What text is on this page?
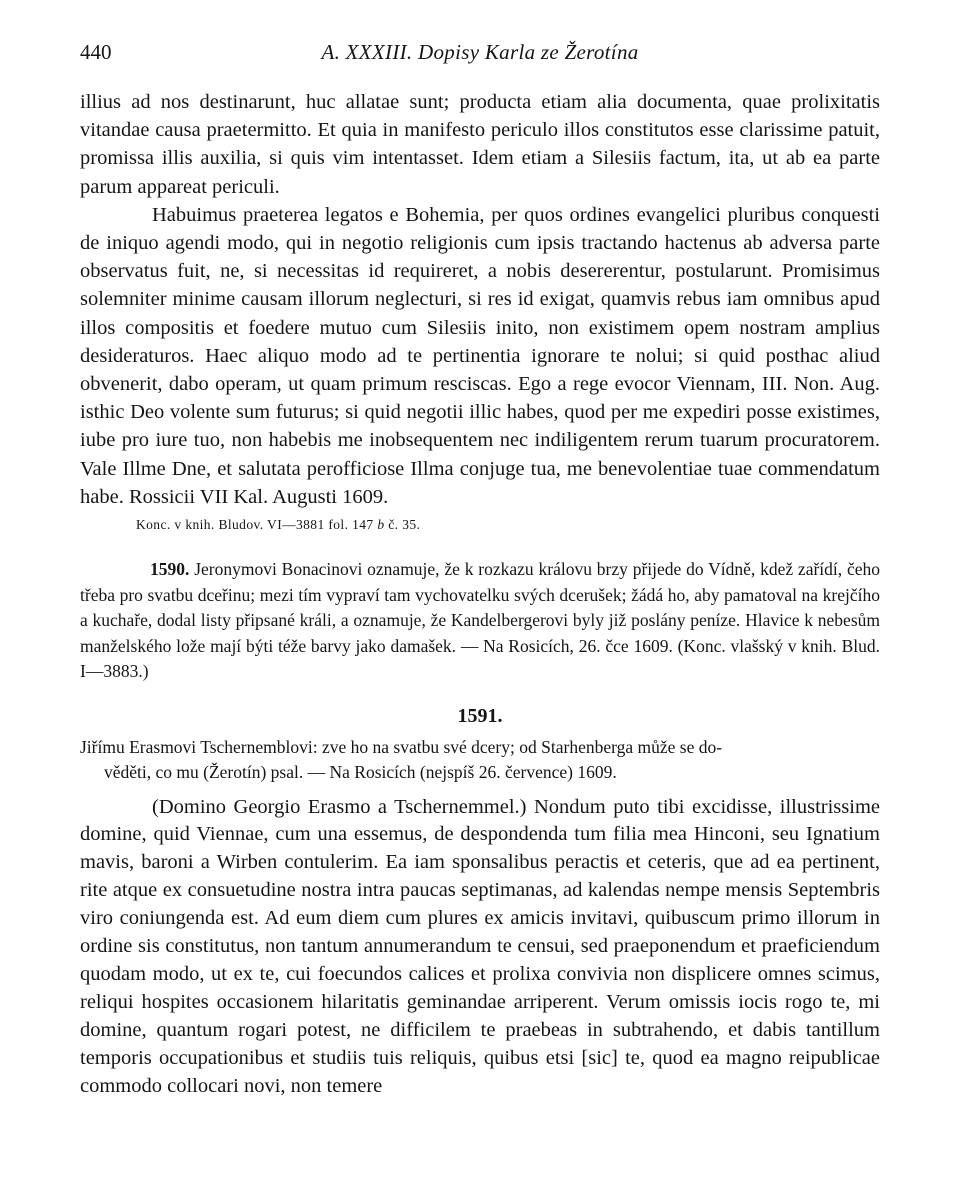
440	A. XXXIII. Dopisy Karla ze Žerotína

illius ad nos destinarunt, huc allatae sunt; producta etiam alia documenta, quae prolixitatis vitandae causa praetermitto. Et quia in manifesto periculo illos constitutos esse clarissime patuit, promissa illis auxilia, si quis vim intentasset. Idem etiam a Silesiis factum, ita, ut ab ea parte parum appareat periculi.

Habuimus praeterea legatos e Bohemia, per quos ordines evangelici pluribus conquesti de iniquo agendi modo, qui in negotio religionis cum ipsis tractando hactenus ab adversa parte observatus fuit, ne, si necessitas id requireret, a nobis desererentur, postularunt. Promisimus solemniter minime causam illorum neglecturi, si res id exigat, quamvis rebus iam omnibus apud illos compositis et foedere mutuo cum Silesiis inito, non existimem opem nostram amplius desideraturos. Haec aliquo modo ad te pertinentia ignorare te nolui; si quid posthac aliud obvenerit, dabo operam, ut quam primum resciscas. Ego a rege evocor Viennam, III. Non. Aug. isthic Deo volente sum futurus; si quid negotii illic habes, quod per me expediri posse existimes, iube pro iure tuo, non habebis me inobsequentem nec indiligentem rerum tuarum procuratorem. Vale Illme Dne, et salutata perofficiose Illma conjuge tua, me benevolentiae tuae commendatum habe. Rossicii VII Kal. Augusti 1609.

Konc. v knih. Bludov. VI—3881 fol. 147 b č. 35.

1590. Jeronymovi Bonacinovi oznamuje, že k rozkazu královu brzy přijede do Vídně, kdež zařídí, čeho třeba pro svatbu dceřinu; mezi tím vypraví tam vychovatelku svých dcerušek; žádá ho, aby pamatoval na krejčího a kuchaře, dodal listy připsané králi, a oznamuje, že Kandelbergerovi byly již poslány peníze. Hlavice k nebesům manželského lože mají býti téže barvy jako damašek. — Na Rosicích, 26. čce 1609. (Konc. vlašský v knih. Blud. I—3883.)

1591.

Jiřímu Erasmovi Tschernemblovi: zve ho na svatbu své dcery; od Starhenberga může se do-
věděti, co mu (Žerotín) psal. — Na Rosicích (nejspíš 26. července) 1609.

(Domino Georgio Erasmo a Tschernemmel.) Nondum puto tibi excidisse, illustrissime domine, quid Viennae, cum una essemus, de despondenda tum filia mea Hinconi, seu Ignatium mavis, baroni a Wirben contulerim. Ea iam sponsalibus peractis et ceteris, que ad ea pertinent, rite atque ex consuetudine nostra intra paucas septimanas, ad kalendas nempe mensis Septembris viro coniungenda est. Ad eum diem cum plures ex amicis invitavi, quibuscum primo illorum in ordine sis constitutus, non tantum annumerandum te censui, sed praeponendum et praeficiendum quodam modo, ut ex te, cui foecundos calices et prolixa convivia non displicere omnes scimus, reliqui hospites occasionem hilaritatis geminandae arriperent. Verum omissis iocis rogo te, mi domine, quantum rogari potest, ne difficilem te praebeas in subtrahendo, et dabis tantillum temporis occupationibus et studiis tuis reliquis, quibus etsi [sic] te, quod ea magno reipublicae commodo collocari novi, non temere
